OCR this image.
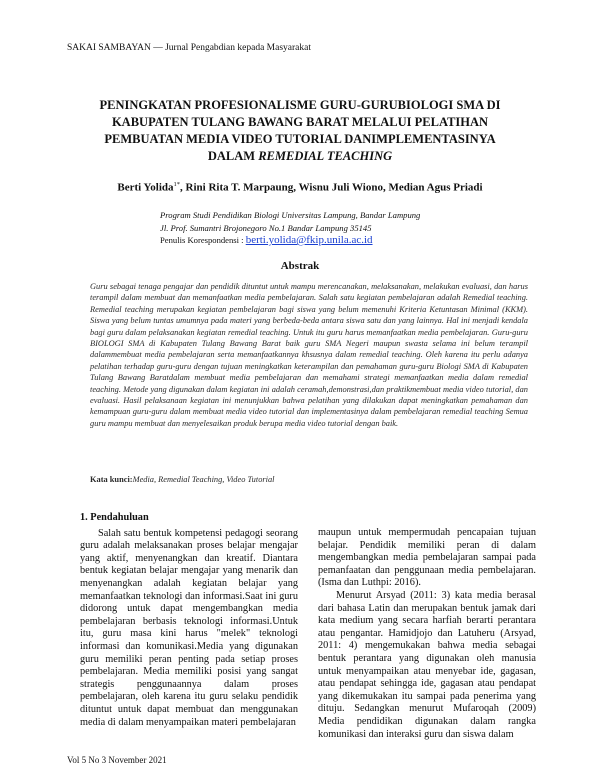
SAKAI SAMBAYAN — Jurnal Pengabdian kepada Masyarakat
PENINGKATAN PROFESIONALISME GURU-GURUBIOLOGI SMA DI
KABUPATEN TULANG BAWANG BARAT MELALUI PELATIHAN
PEMBUATAN MEDIA VIDEO TUTORIAL DANIMPLEMENTASINYA
DALAM REMEDIAL TEACHING
Berti Yolida$^{1*}$, Rini Rita T. Marpaung, Wisnu Juli Wiono, Median Agus Priadi
Program Studi Pendidikan Biologi Universitas Lampung, Bandar Lampung
Jl. Prof. Sumantri Brojonegoro No.1 Bandar Lampung 35145
Penulis Korespondensi : berti.yolida@fkip.unila.ac.id
Abstrak
Guru sebagai tenaga pengajar dan pendidik dituntut untuk mampu merencanakan, melaksanakan, melakukan evaluasi, dan harus terampil dalam membuat dan memanfaatkan media pembelajaran. Salah satu kegiatan pembelajaran adalah Remedial teaching. Remedial teaching merupakan kegiatan pembelajaran bagi siswa yang belum memenuhi Kriteria Ketuntasan Minimal (KKM). Siswa yang belum tuntas umumnya pada materi yang berbeda-beda antara siswa satu dan yang lainnya. Hal ini menjadi kendala bagi guru dalam pelaksanakan kegiatan remedial teaching. Untuk itu guru harus memanfaatkan media pembelajaran. Guru-guru BIOLOGI SMA di Kabupaten Tulang Bawang Barat baik guru SMA Negeri maupun swasta selama ini belum terampil dalammembuat media pembelajaran serta memanfaatkannya khsusnya dalam remedial teaching. Oleh karena itu perlu adanya pelatihan terhadap guru-guru dengan tujuan meningkatkan keterampilan dan pemahaman guru-guru Biologi SMA di Kabupaten Tulang Bawang Baratdalam membuat media pembelajaran dan memahami strategi memanfaatkan media dalam remedial teaching. Metode yang digunakan dalam kegiatan ini adalah ceramah,demonstrasi,dan praktikmembuat media video tutorial, dan evaluasi. Hasil pelaksanaan kegiatan ini menunjukkan bahwa pelatihan yang dilakukan dapat meningkatkan pemahaman dan kemampuan guru-guru dalam membuat media video tutorial dan implementasinya dalam pembelajaran remedial teaching Semua guru mampu membuat dan menyelesaikan produk berupa media video tutorial dengan baik.
Kata kunci:Media, Remedial Teaching, Video Tutorial
1. Pendahuluan

Salah satu bentuk kompetensi pedagogi seorang guru adalah melaksanakan proses belajar mengajar yang aktif, menyenangkan dan kreatif. Diantara bentuk kegiatan belajar mengajar yang menarik dan menyenangkan adalah kegiatan belajar yang memanfaatkan teknologi dan informasi.Saat ini guru didorong untuk dapat mengembangkan media pembelajaran berbasis teknologi informasi.Untuk itu, guru masa kini harus "melek" teknologi informasi dan komunikasi.Media yang digunakan guru memiliki peran penting pada setiap proses pembelajaran. Media memiliki posisi yang sangat strategis penggunaannya dalam proses pembelajaran, oleh karena itu guru selaku pendidik dituntut untuk dapat membuat dan menggunakan media di dalam menyampaikan materi pembelajaran

maupun untuk mempermudah pencapaian tujuan belajar. Pendidik memiliki peran di dalam mengembangkan media pembelajaran sampai pada pemanfaatan dan penggunaan media pembelajaran. (Isma dan Luthpi: 2016).

Menurut Arsyad (2011: 3) kata media berasal dari bahasa Latin dan merupakan bentuk jamak dari kata medium yang secara harfiah berarti perantara atau pengantar. Hamidjojo dan Latuheru (Arsyad, 2011: 4) mengemukakan bahwa media sebagai bentuk perantara yang digunakan oleh manusia untuk menyampaikan atau menyebar ide, gagasan, atau pendapat sehingga ide, gagasan atau pendapat yang dikemukakan itu sampai pada penerima yang dituju. Sedangkan menurut Mufaroqah (2009) Media pendidikan digunakan dalam rangka komunikasi dan interaksi guru dan siswa dalam

Vol 5 No 3 November 2021
